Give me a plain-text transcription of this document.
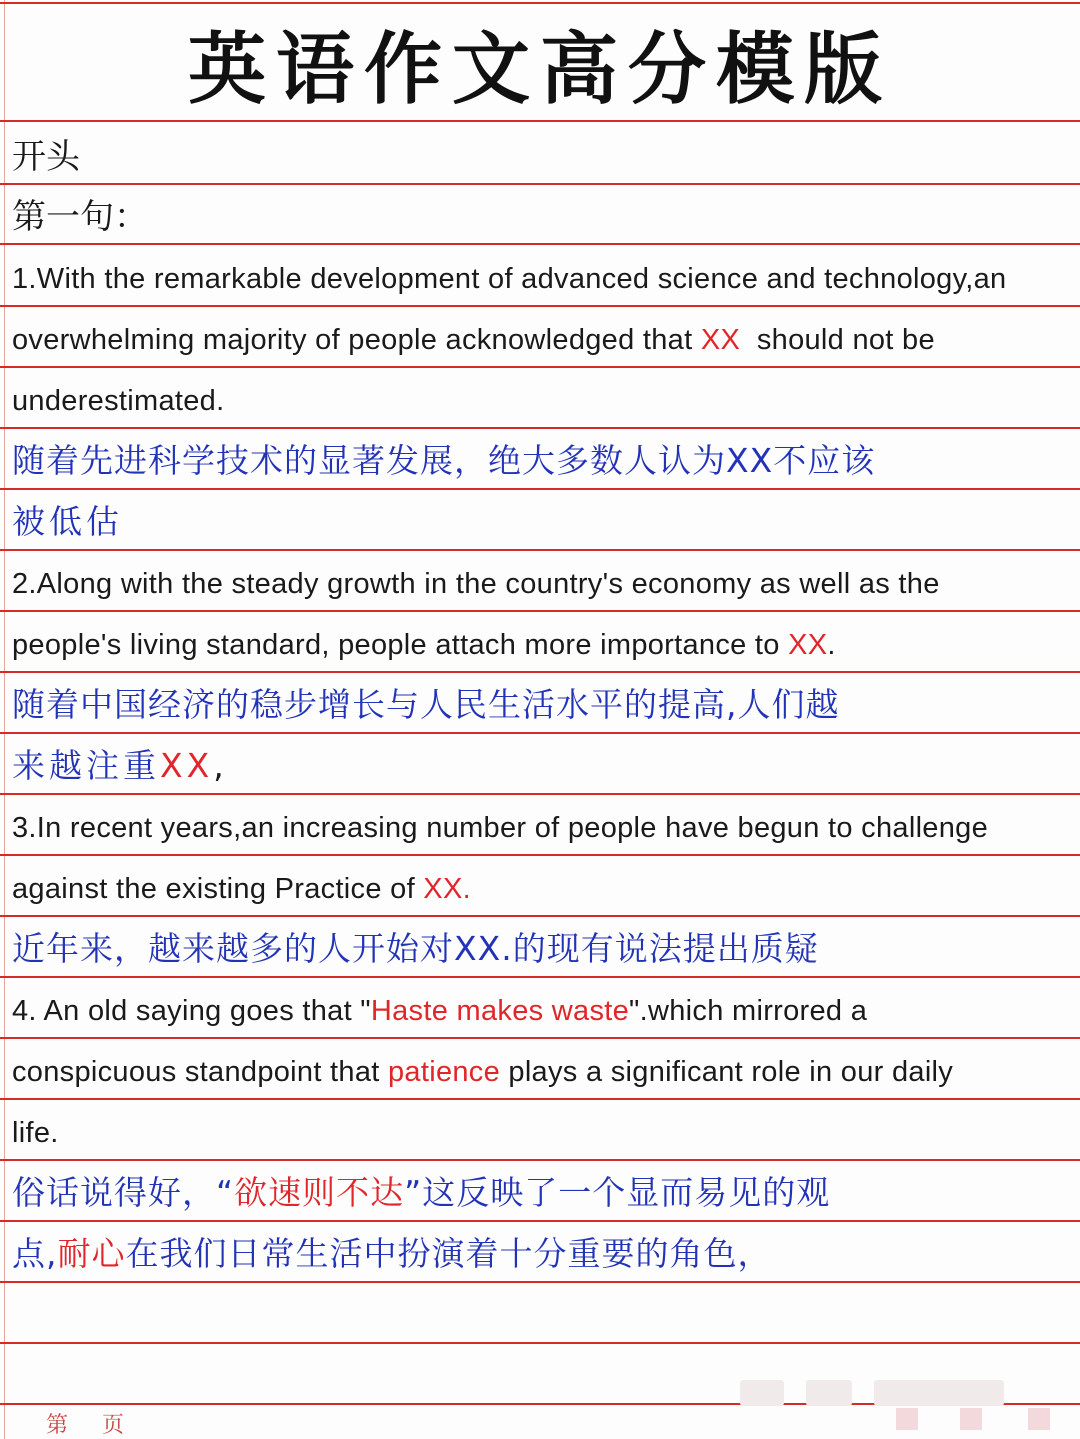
英语作文高分模版
开头
第一句：
1.With the remarkable development of advanced science and technology,an
overwhelming majority of people acknowledged that XX  should not be
underestimated.
随着先进科学技术的显著发展，绝大多数人认为XX不应该
被低估
2.Along with the steady growth in the country's economy as well as the
people's living standard, people attach more importance to XX.
随着中国经济的稳步增长与人民生活水平的提高,人们越
来越注重XX,
3.In recent years,an increasing number of people have begun to challenge
against the existing Practice of XX.
近年来，越来越多的人开始对XX.的现有说法提出质疑
4. An old saying goes that "Haste makes waste".which mirrored a
conspicuous standpoint that patience plays a significant role in our daily
life.
俗话说得好，“欲速则不达”这反映了一个显而易见的观
点,耐心在我们日常生活中扮演着十分重要的角色，
第 页
